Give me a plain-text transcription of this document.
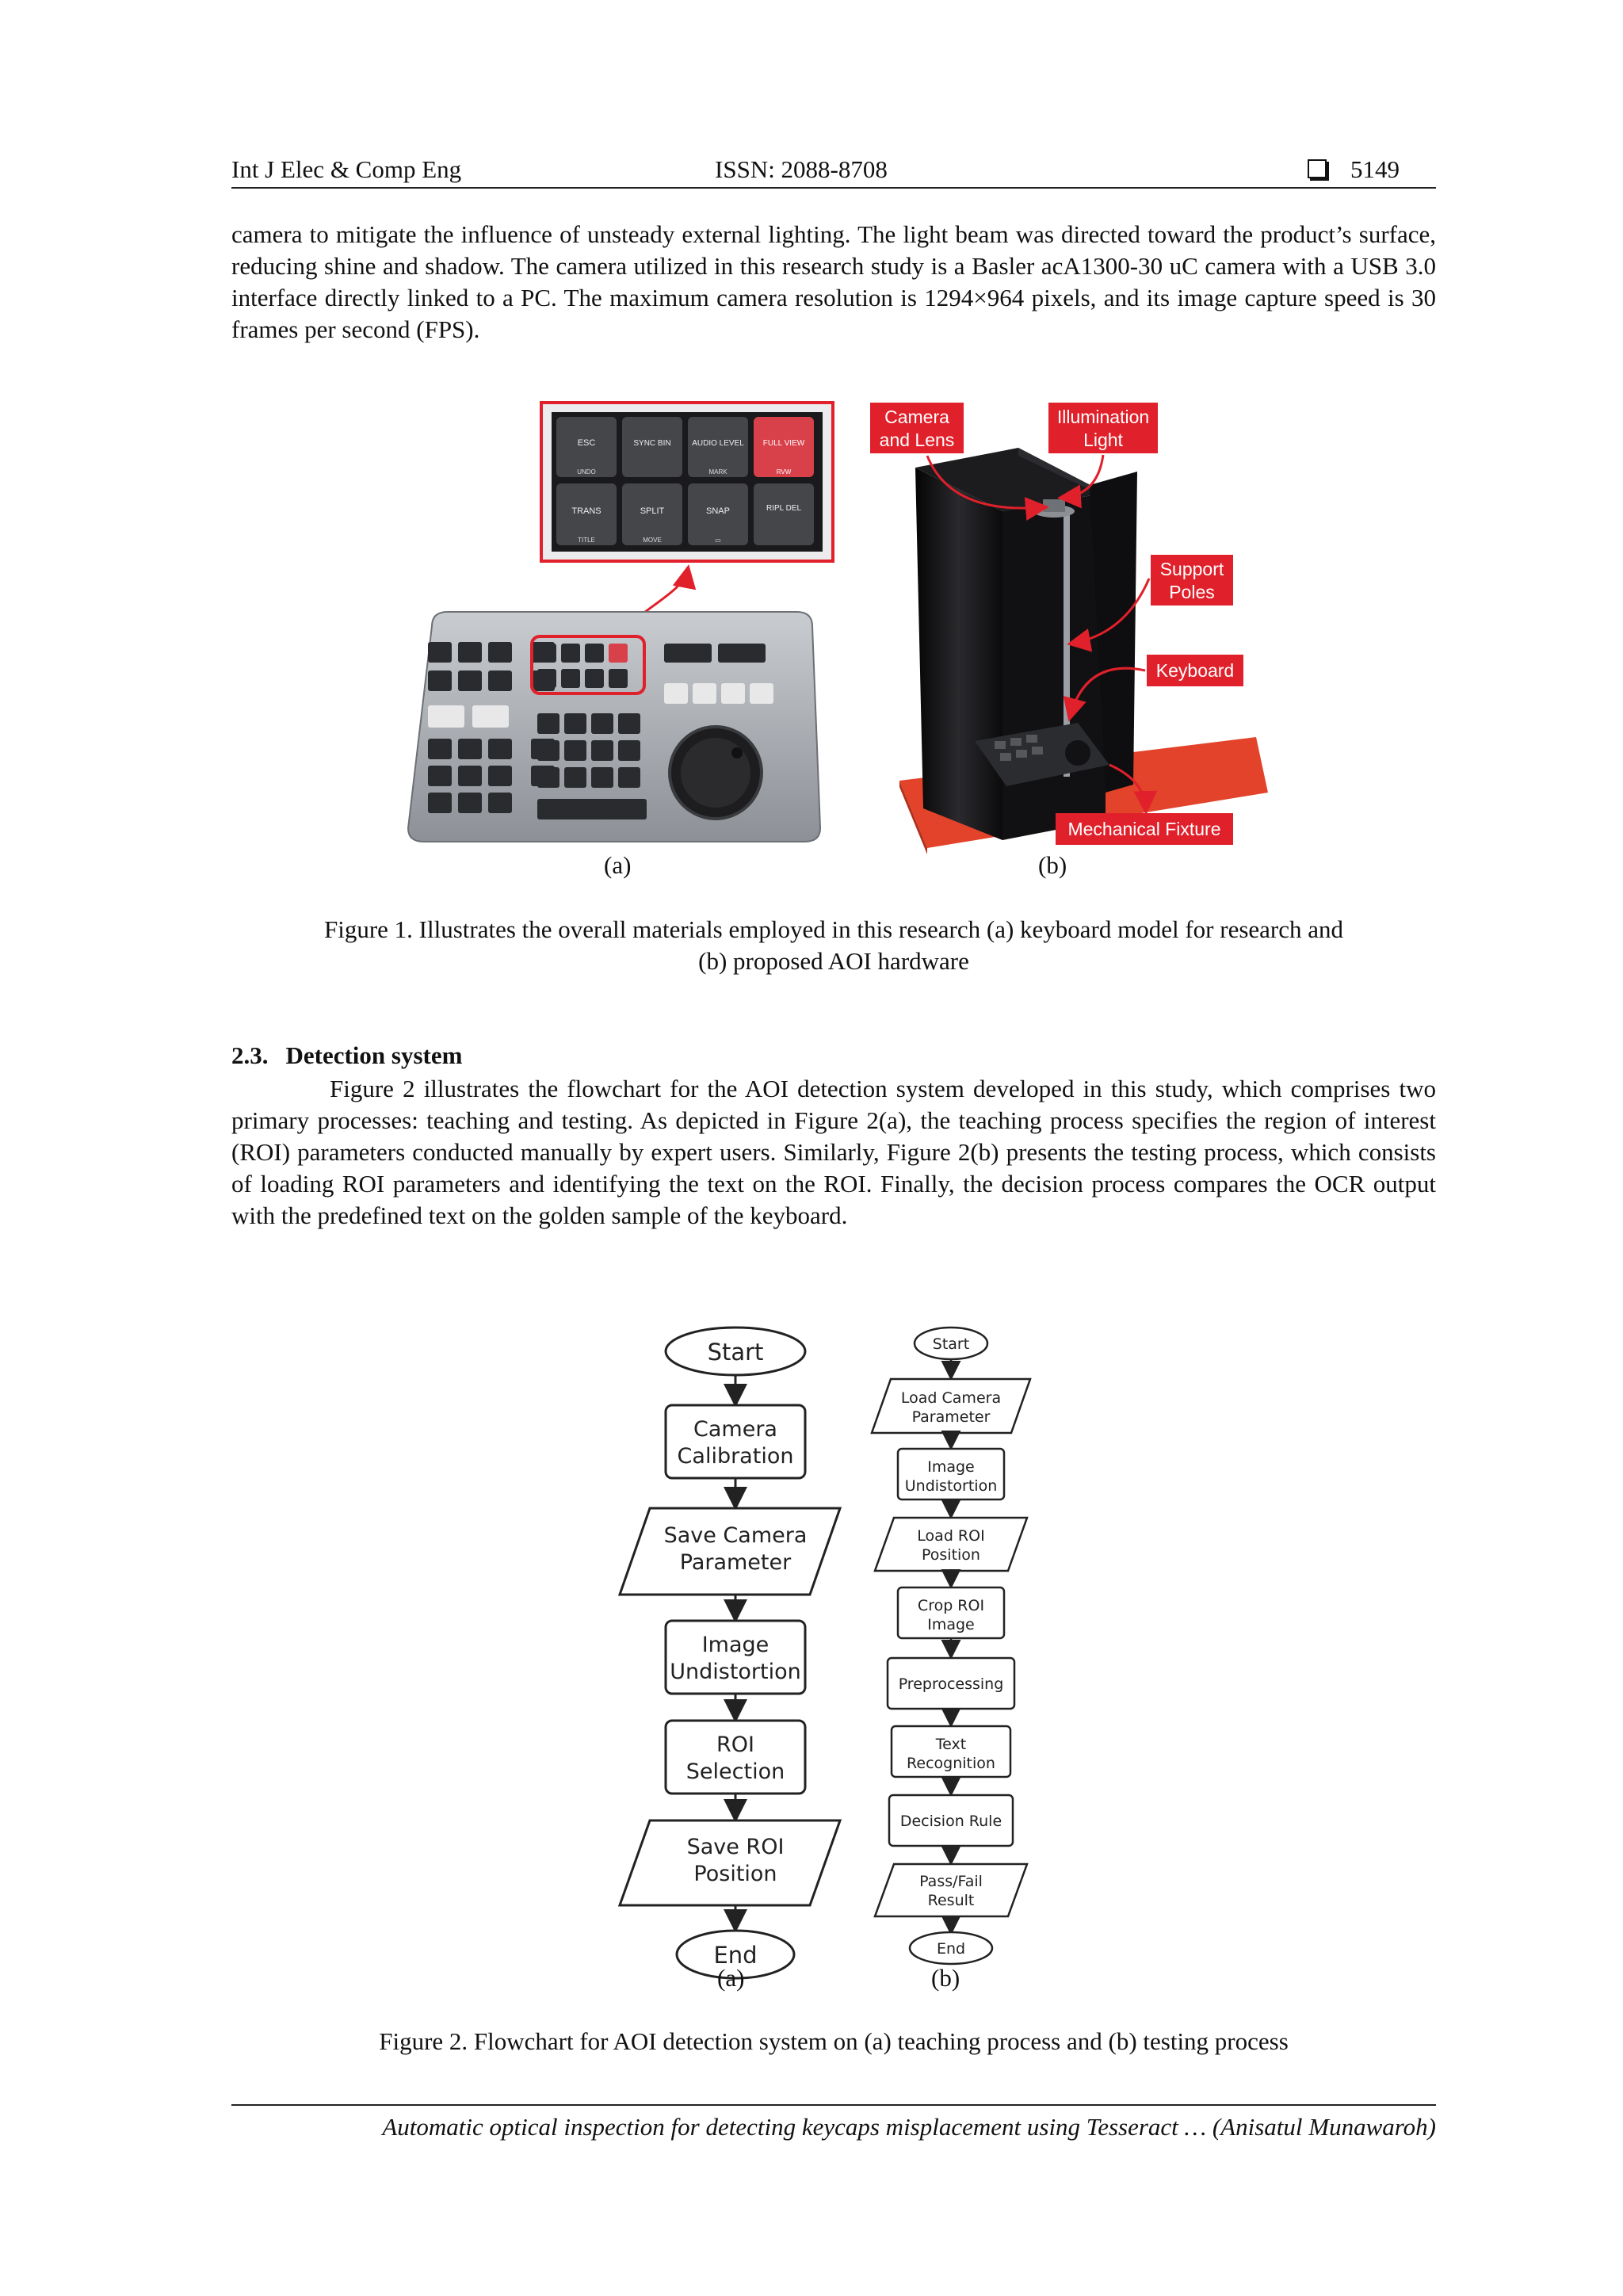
Int J Elec & Comp Eng	ISSN: 2088-8708	5149

camera to mitigate the influence of unsteady external lighting. The light beam was directed toward the product’s surface, reducing shine and shadow. The camera utilized in this research study is a Basler acA1300-30 uC camera with a USB 3.0 interface directly linked to a PC. The maximum camera resolution is 1294×964 pixels, and its image capture speed is 30 frames per second (FPS).

ESC
UNDO
SYNC BIN	AUDIO LEVEL
MARK
FULL VIEW
RVW
TRANS
TITLE
SPLIT
MOVE
SNAP
▭
RIPL DEL
Camera
and Lens
Illumination
Light
Support
Poles
Keyboard
Mechanical Fixture
(a)	(b)
Figure 1. Illustrates the overall materials employed in this research (a) keyboard model for research and
(b) proposed AOI hardware
2.3. Detection system

Figure 2 illustrates the flowchart for the AOI detection system developed in this study, which comprises two primary processes: teaching and testing. As depicted in Figure 2(a), the teaching process specifies the region of interest (ROI) parameters conducted manually by expert users. Similarly, Figure 2(b) presents the testing process, which consists of loading ROI parameters and identifying the text on the ROI. Finally, the decision process compares the OCR output with the predefined text on the golden sample of the keyboard.

Start
Camera
Calibration
Save Camera
Parameter
Image
Undistortion
ROI
Selection
Save ROI
Position
End
Start
Load Camera
Parameter
Image
Undistortion
Load ROI
Position
Crop ROI
Image
Preprocessing
Text
Recognition
Decision Rule
Pass/Fail
Result
End
(a)	(b)
Figure 2. Flowchart for AOI detection system on (a) teaching process and (b) testing process
Automatic optical inspection for detecting keycaps misplacement using Tesseract … (Anisatul Munawaroh)
